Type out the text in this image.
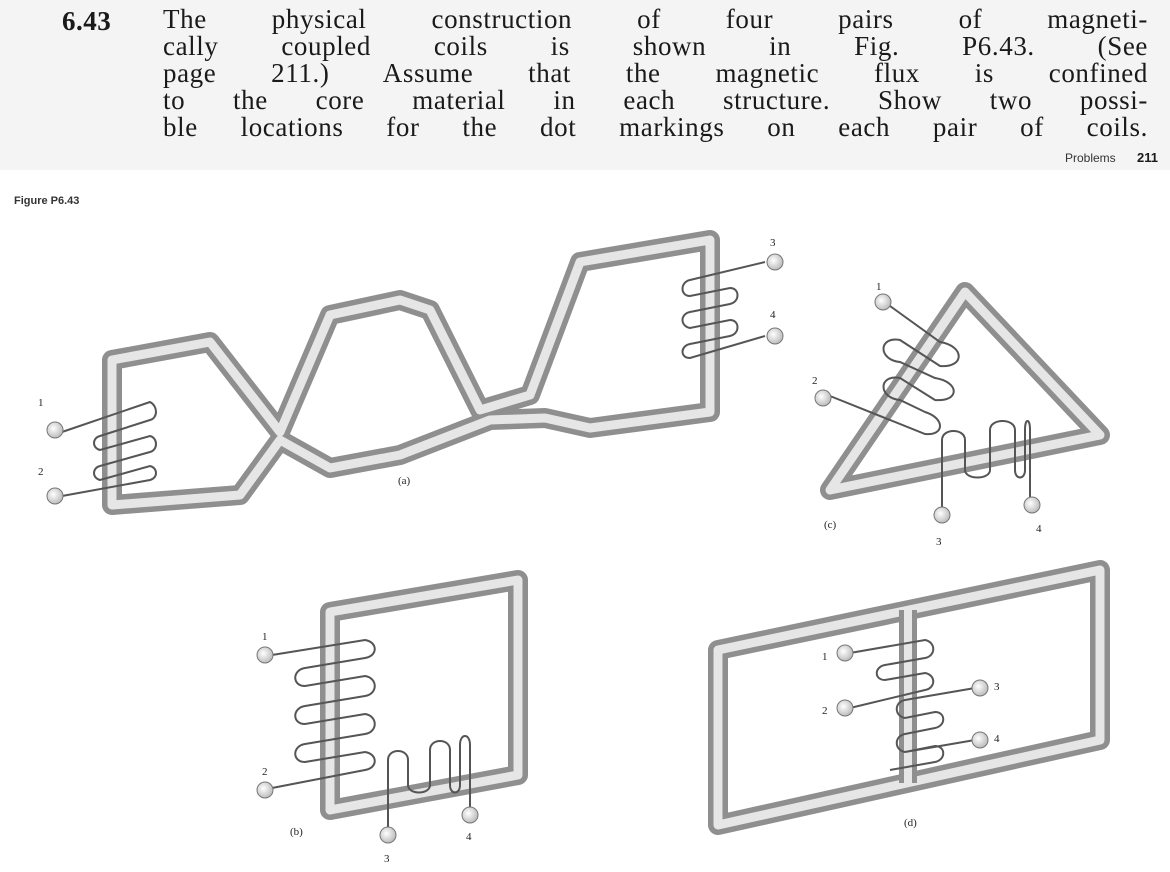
6.43 The physical construction of four pairs of magneti-
cally coupled coils is shown in Fig. P6.43. (See
page 211.) Assume that the magnetic flux is confined
to the core material in each structure. Show two possi-
ble locations for the dot markings on each pair of coils.

Problems 211
Figure P6.43
1
2
3
4
(a)
1
2
3
4
(c)
1
2
3
4
(b)
1
2
3
4
(d)
